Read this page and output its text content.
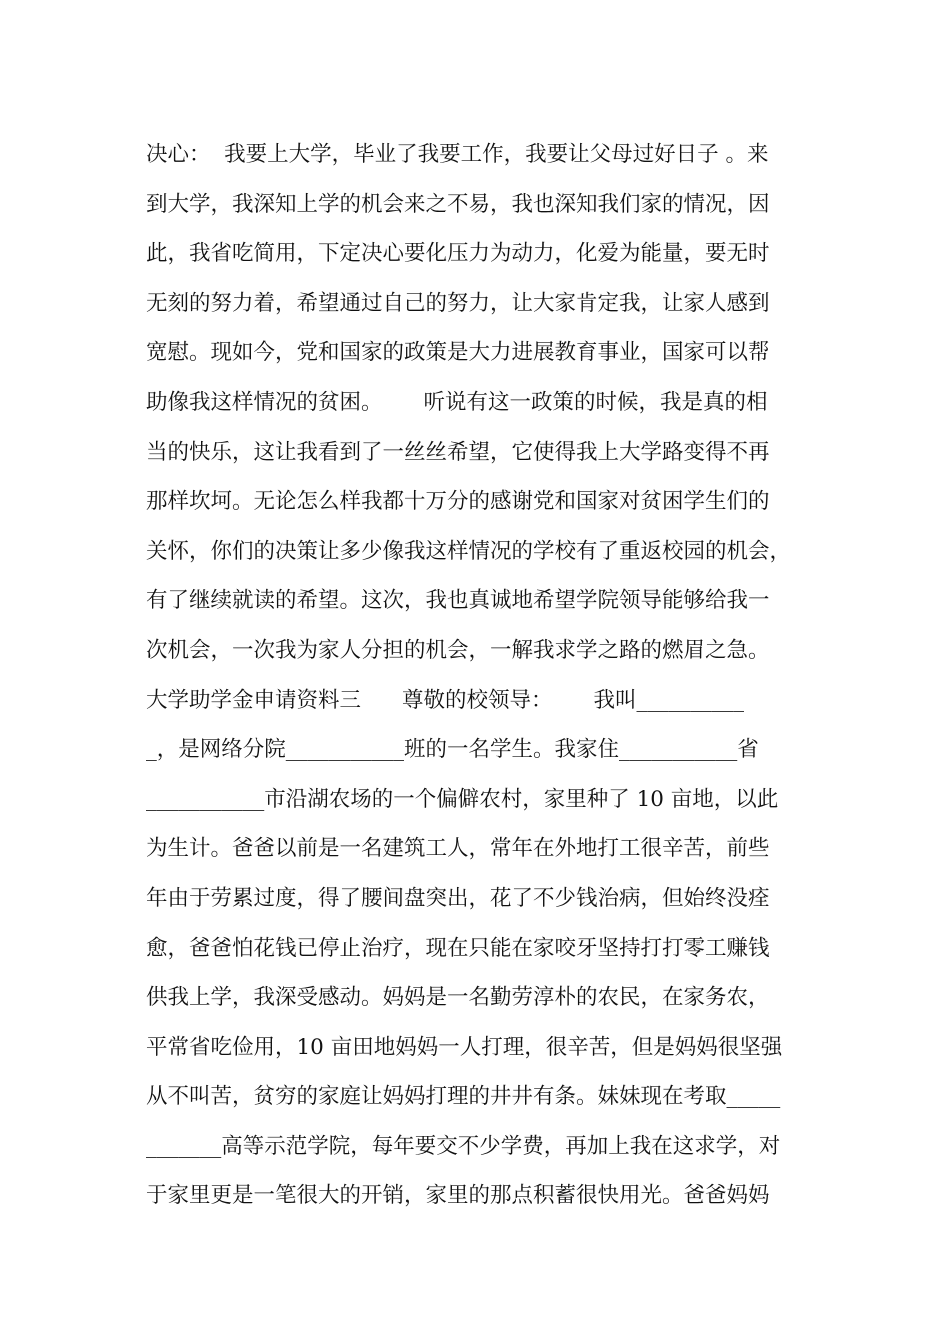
决心：  我要上大学，毕业了我要工作，我要让父母过好日子 。来
到大学，我深知上学的机会来之不易，我也深知我们家的情况，因
此，我省吃简用，下定决心要化压力为动力，化爱为能量，要无时
无刻的努力着，希望通过自己的努力，让大家肯定我，让家人感到
宽慰。现如今，党和国家的政策是大力进展教育事业，国家可以帮
助像我这样情况的贫困。      听说有这一政策的时候，我是真的相
当的快乐，这让我看到了一丝丝希望，它使得我上大学路变得不再
那样坎坷。无论怎么样我都十万分的感谢党和国家对贫困学生们的
关怀，你们的决策让多少像我这样情况的学校有了重返校园的机会，
有了继续就读的希望。这次，我也真诚地希望学院领导能够给我一
次机会，一次我为家人分担的机会，一解我求学之路的燃眉之急。
大学助学金申请资料三      尊敬的校领导：      我叫__________
_，是网络分院___________班的一名学生。我家住___________省
___________市沿湖农场的一个偏僻农村，家里种了 10 亩地，以此
为生计。爸爸以前是一名建筑工人，常年在外地打工很辛苦，前些
年由于劳累过度，得了腰间盘突出，花了不少钱治病，但始终没痊
愈，爸爸怕花钱已停止治疗，现在只能在家咬牙坚持打打零工赚钱
供我上学，我深受感动。妈妈是一名勤劳淳朴的农民，在家务农，
平常省吃俭用，10 亩田地妈妈一人打理，很辛苦，但是妈妈很坚强
从不叫苦，贫穷的家庭让妈妈打理的井井有条。妹妹现在考取_____
_______高等示范学院，每年要交不少学费，再加上我在这求学，对
于家里更是一笔很大的开销，家里的那点积蓄很快用光。爸爸妈妈
